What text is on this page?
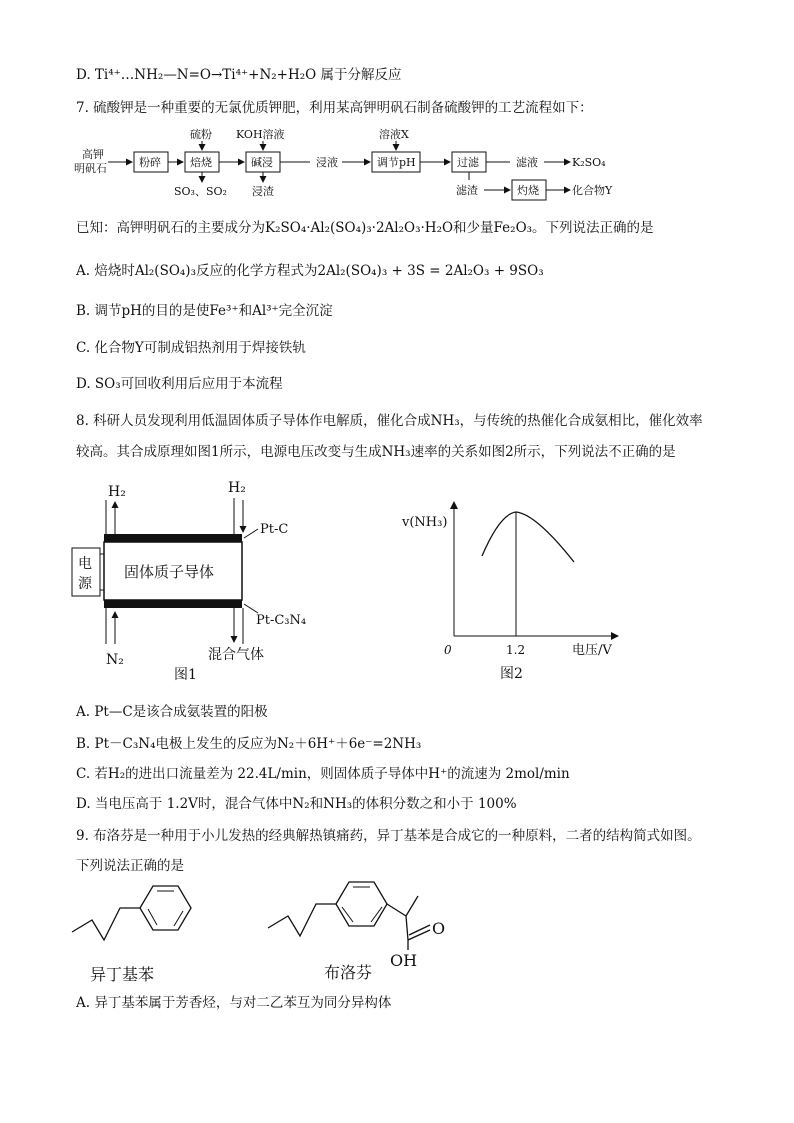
D. Ti⁴⁺…NH₂—N=O→Ti⁴⁺+N₂+H₂O 属于分解反应
7. 硫酸钾是一种重要的无氯优质钾肥，利用某高钾明矾石制备硫酸钾的工艺流程如下：
高钾
明矾石	粉碎	焙烧
硫粉
SO₃、SO₂
碱浸
KOH溶液
浸渣
浸液	调节pH
溶液X
过滤	滤液	K₂SO₄
滤渣	灼烧	化合物Y
已知：高钾明矾石的主要成分为K₂SO₄·Al₂(SO₄)₃·2Al₂O₃·H₂O和少量Fe₂O₃。下列说法正确的是
A. 焙烧时Al₂(SO₄)₃反应的化学方程式为2Al₂(SO₄)₃ + 3S = 2Al₂O₃ + 9SO₃
B. 调节pH的目的是使Fe³⁺和Al³⁺完全沉淀
C. 化合物Y可制成铝热剂用于焊接铁轨
D. SO₃可回收利用后应用于本流程
8. 科研人员发现利用低温固体质子导体作电解质，催化合成NH₃，与传统的热催化合成氨相比，催化效率
较高。其合成原理如图1所示，电源电压改变与生成NH₃速率的关系如图2所示，下列说法不正确的是
H₂	H₂
固体质子导体
Pt-C
Pt-C₃N₄
电
源
N₂	混合气体
图1
v(NH₃)
电压/V
0	1.2
图2
A. Pt—C是该合成氨装置的阳极
B. Pt－C₃N₄电极上发生的反应为N₂＋6H⁺＋6e⁻=2NH₃
C. 若H₂的进出口流量差为 22.4L/min，则固体质子导体中H⁺的流速为 2mol/min
D. 当电压高于 1.2V时，混合气体中N₂和NH₃的体积分数之和小于 100%
9. 布洛芬是一种用于小儿发热的经典解热镇痛药，异丁基苯是合成它的一种原料，二者的结构简式如图。
下列说法正确的是
异丁基苯
O
OH
布洛芬
A. 异丁基苯属于芳香烃，与对二乙苯互为同分异构体
